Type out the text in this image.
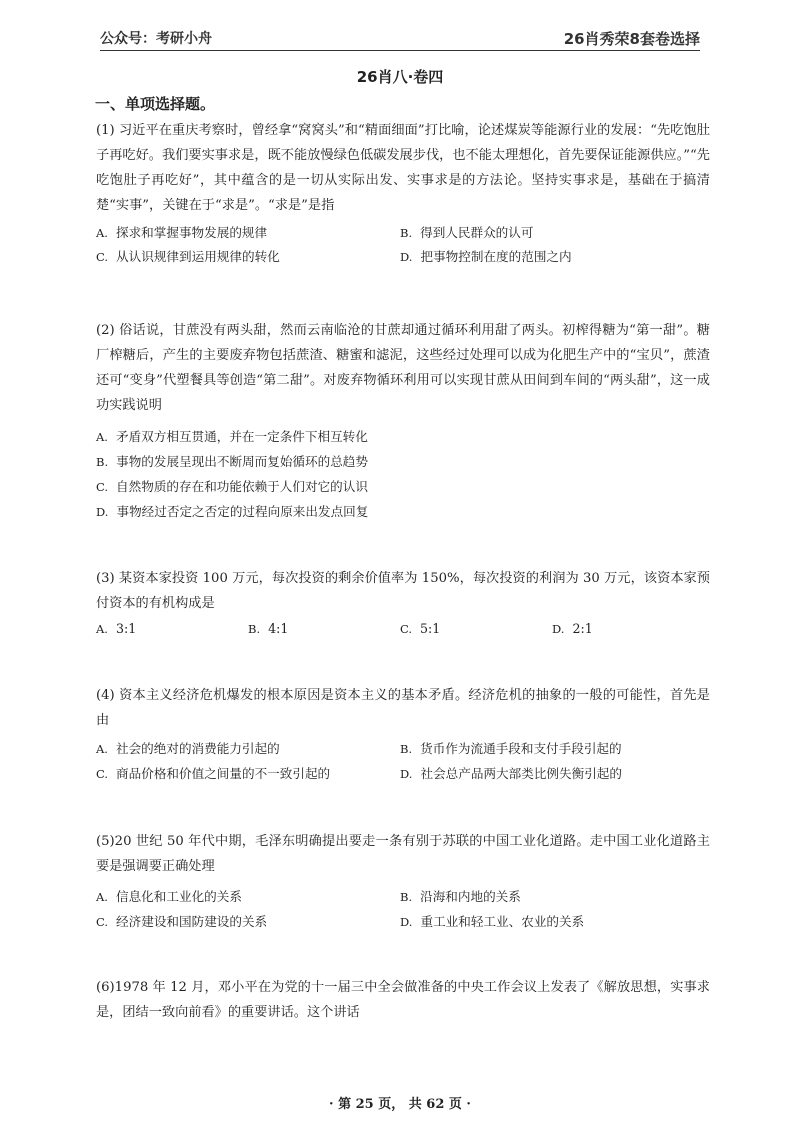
公众号：考研小舟	26肖秀荣8套卷选择
26肖八·卷四
一、单项选择题。

(1) 习近平在重庆考察时，曾经拿“窝窝头”和“精面细面”打比喻，论述煤炭等能源行业的发展：“先吃饱肚子再吃好。我们要实事求是，既不能放慢绿色低碳发展步伐，也不能太理想化，首先要保证能源供应。”“先吃饱肚子再吃好”，其中蕴含的是一切从实际出发、实事求是的方法论。坚持实事求是，基础在于搞清楚“实事”，关键在于“求是”。“求是”是指

A. 探求和掌握事物发展的规律	B. 得到人民群众的认可
C. 从认识规律到运用规律的转化	D. 把事物控制在度的范围之内

(2) 俗话说，甘蔗没有两头甜，然而云南临沧的甘蔗却通过循环利用甜了两头。初榨得糖为“第一甜”。糖厂榨糖后，产生的主要废弃物包括蔗渣、糖蜜和滤泥，这些经过处理可以成为化肥生产中的“宝贝”，蔗渣还可“变身”代塑餐具等创造“第二甜”。对废弃物循环利用可以实现甘蔗从田间到车间的“两头甜”，这一成功实践说明

A. 矛盾双方相互贯通，并在一定条件下相互转化
B. 事物的发展呈现出不断周而复始循环的总趋势
C. 自然物质的存在和功能依赖于人们对它的认识
D. 事物经过否定之否定的过程向原来出发点回复

(3) 某资本家投资 100 万元，每次投资的剩余价值率为 150%，每次投资的利润为 30 万元，该资本家预付资本的有机构成是

A. 3:1	B. 4:1	C. 5:1	D. 2:1

(4) 资本主义经济危机爆发的根本原因是资本主义的基本矛盾。经济危机的抽象的一般的可能性，首先是由

A. 社会的绝对的消费能力引起的	B. 货币作为流通手段和支付手段引起的
C. 商品价格和价值之间量的不一致引起的	D. 社会总产品两大部类比例失衡引起的

(5)20 世纪 50 年代中期，毛泽东明确提出要走一条有别于苏联的中国工业化道路。走中国工业化道路主要是强调要正确处理

A. 信息化和工业化的关系	B. 沿海和内地的关系
C. 经济建设和国防建设的关系	D. 重工业和轻工业、农业的关系

(6)1978 年 12 月，邓小平在为党的十一届三中全会做准备的中央工作会议上发表了《解放思想，实事求是，团结一致向前看》的重要讲话。这个讲话

· 第 25 页， 共 62 页 ·
